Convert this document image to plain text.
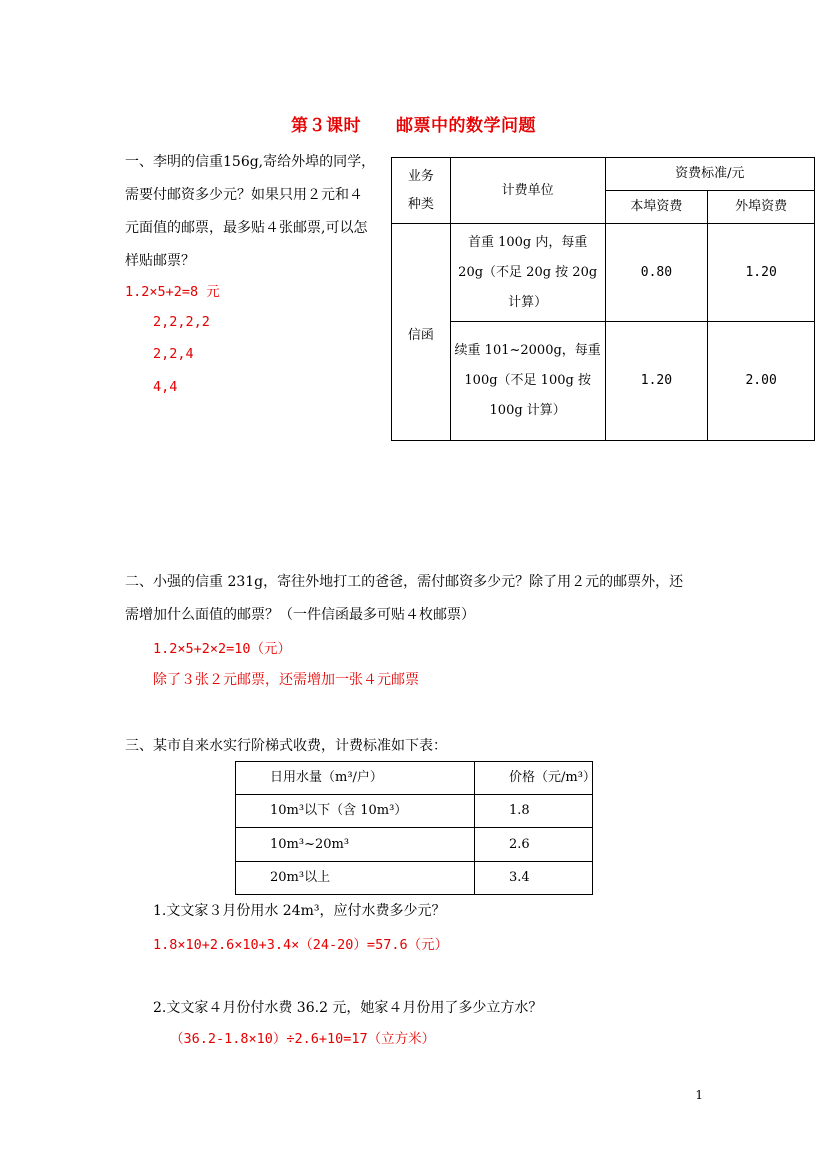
第３课时　　邮票中的数学问题
一、李明的信重156g,寄给外埠的同学，
需要付邮资多少元？如果只用２元和４
元面值的邮票，最多贴４张邮票,可以怎
样贴邮票？
1.2×5+2=8 元
2,2,2,2
2,2,4
4,4
业务
种类	计费单位	资费标准/元	
		本埠资费	外埠资费
信函	首重 100g 内，每重
20g（不足 20g 按 20g
计算）	0.80	1.20

	续重 101~2000g，每重
100g（不足 100g 按
100g 计算）	1.20	2.00
二、小强的信重 231g，寄往外地打工的爸爸，需付邮资多少元？除了用２元的邮票外，还
需增加什么面值的邮票？（一件信函最多可贴４枚邮票）
1.2×5+2×2=10（元）
除了３张２元邮票，还需增加一张４元邮票
三、某市自来水实行阶梯式收费，计费标准如下表：
日用水量（m³/户）	价格（元/m³）
10m³以下（含 10m³）	1.8
10m³~20m³	2.6
20m³以上	3.4
1.文文家３月份用水 24m³，应付水费多少元？
1.8×10+2.6×10+3.4×（24-20）=57.6（元）
2.文文家４月份付水费 36.2 元，她家４月份用了多少立方水？
（36.2-1.8×10）÷2.6+10=17（立方米）
1
